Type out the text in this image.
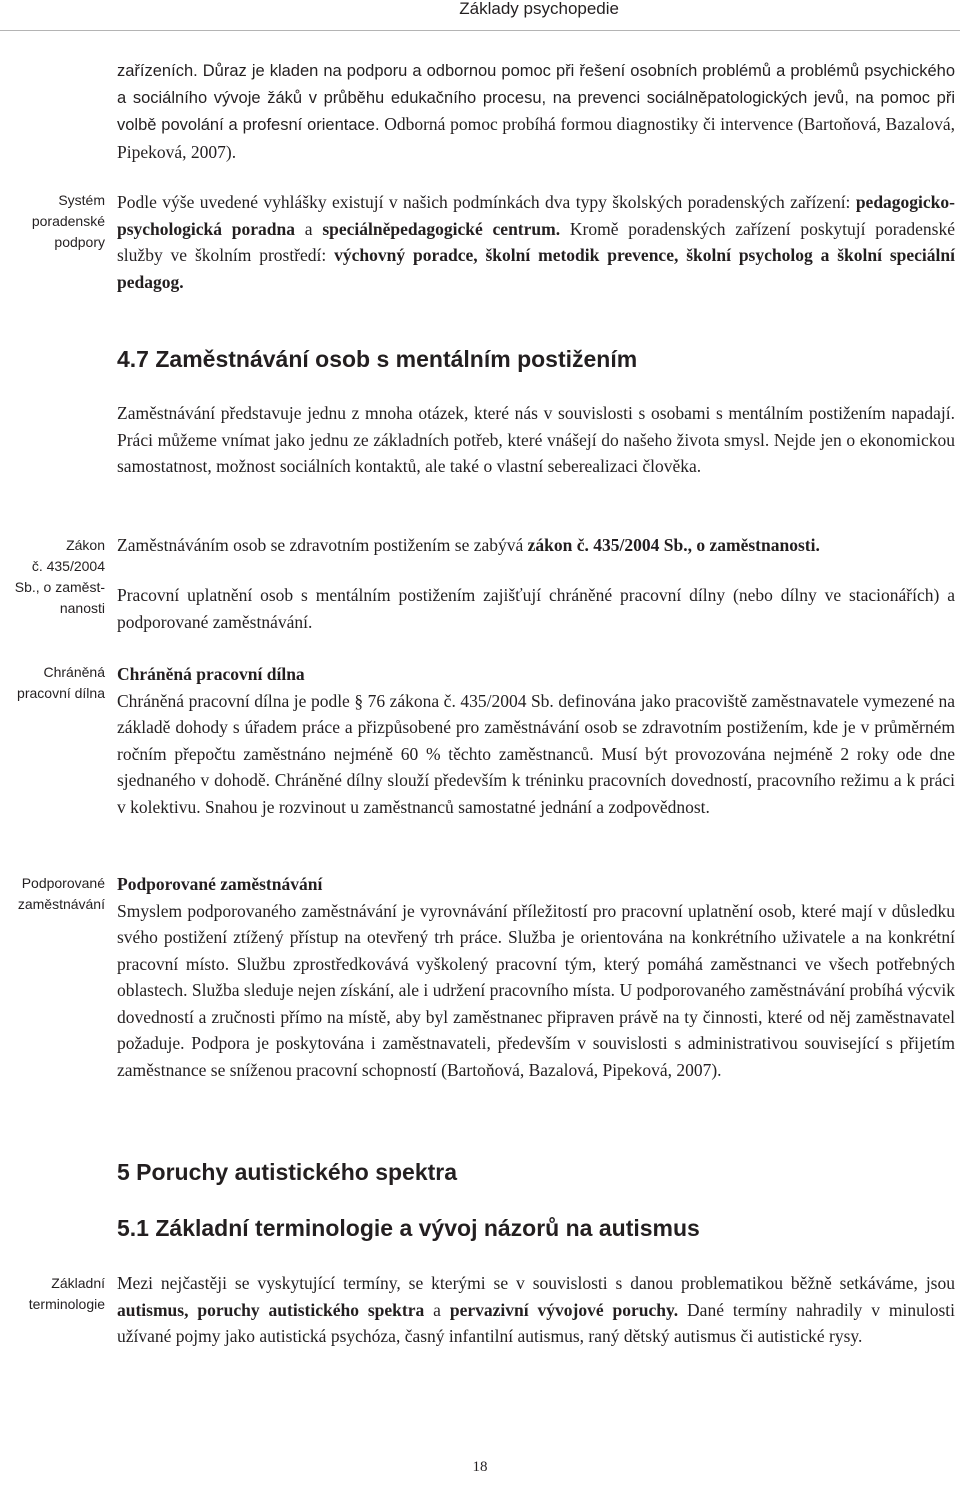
Základy psychopedie

zařízeních. Důraz je kladen na podporu a odbornou pomoc při řešení osobních problémů a problémů psychického a sociálního vývoje žáků v průběhu edukačního procesu, na prevenci sociálněpatologických jevů, na pomoc při volbě povolání a profesní orientace. Odborná pomoc probíhá formou diagnostiky či intervence (Bartoňová, Bazalová, Pipeková, 2007).

Systém
poradenské
podpory

Podle výše uvedené vyhlášky existují v našich podmínkách dva typy školských poradenských zařízení: pedagogicko-psychologická poradna a speciálněpedagogické centrum. Kromě poradenských zařízení poskytují poradenské služby ve školním prostředí: výchovný poradce, školní metodik prevence, školní psycholog a školní speciální pedagog.

4.7 Zaměstnávání osob s mentálním postižením

Zaměstnávání představuje jednu z mnoha otázek, které nás v souvislosti s osobami s mentálním postižením napadají. Práci můžeme vnímat jako jednu ze základních potřeb, které vnášejí do našeho života smysl. Nejde jen o ekonomickou samostatnost, možnost sociálních kontaktů, ale také o vlastní seberealizaci člověka.

Zákon
č. 435/2004
Sb., o zaměst-
nanosti

Zaměstnáváním osob se zdravotním postižením se zabývá zákon č. 435/2004 Sb., o zaměstnanosti.

Pracovní uplatnění osob s mentálním postižením zajišťují chráněné pracovní dílny (nebo dílny ve stacionářích) a podporované zaměstnávání.

Chráněná
pracovní dílna

Chráněná pracovní dílna
Chráněná pracovní dílna je podle § 76 zákona č. 435/2004 Sb. definována jako pracoviště zaměstnavatele vymezené na základě dohody s úřadem práce a přizpůsobené pro zaměstnávání osob se zdravotním postižením, kde je v průměrném ročním přepočtu zaměstnáno nejméně 60 % těchto zaměstnanců. Musí být provozována nejméně 2 roky ode dne sjednaného v dohodě. Chráněné dílny slouží především k tréninku pracovních dovedností, pracovního režimu a k práci v kolektivu. Snahou je rozvinout u zaměstnanců samostatné jednání a zodpovědnost.

Podporované
zaměstnávání

Podporované zaměstnávání
Smyslem podporovaného zaměstnávání je vyrovnávání příležitostí pro pracovní uplatnění osob, které mají v důsledku svého postižení ztížený přístup na otevřený trh práce. Služba je orientována na konkrétního uživatele a na konkrétní pracovní místo. Službu zprostředkovává vyškolený pracovní tým, který pomáhá zaměstnanci ve všech potřebných oblastech. Služba sleduje nejen získání, ale i udržení pracovního místa. U podporovaného zaměstnávání probíhá výcvik dovedností a zručnosti přímo na místě, aby byl zaměstnanec připraven právě na ty činnosti, které od něj zaměstnavatel požaduje. Podpora je poskytována i zaměstnavateli, především v souvislosti s administrativou související s přijetím zaměstnance se sníženou pracovní schopností (Bartoňová, Bazalová, Pipeková, 2007).

5 Poruchy autistického spektra
5.1 Základní terminologie a vývoj názorů na autismus
Základní
terminologie

Mezi nejčastěji se vyskytující termíny, se kterými se v souvislosti s danou problematikou běžně setkáváme, jsou autismus, poruchy autistického spektra a pervazivní vývojové poruchy. Dané termíny nahradily v minulosti užívané pojmy jako autistická psychóza, časný infantilní autismus, raný dětský autismus či autistické rysy.

18
